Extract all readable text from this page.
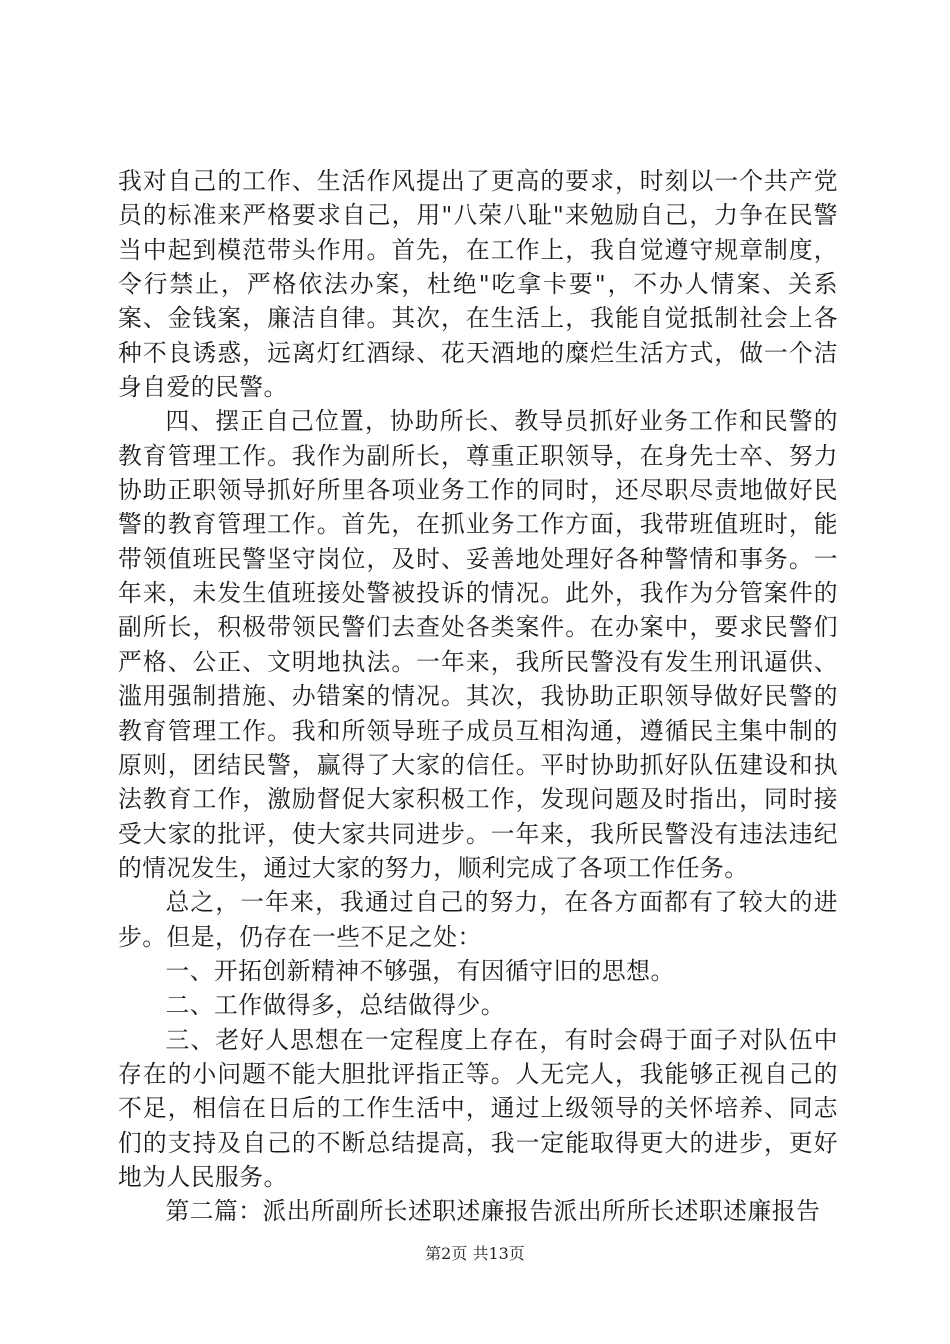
我对自己的工作、生活作风提出了更高的要求，时刻以一个共产党员的标准来严格要求自己，用"八荣八耻"来勉励自己，力争在民警当中起到模范带头作用。首先，在工作上，我自觉遵守规章制度，令行禁止，严格依法办案，杜绝"吃拿卡要"，不办人情案、关系案、金钱案，廉洁自律。其次，在生活上，我能自觉抵制社会上各种不良诱惑，远离灯红酒绿、花天酒地的糜烂生活方式，做一个洁身自爱的民警。

四、摆正自己位置，协助所长、教导员抓好业务工作和民警的教育管理工作。我作为副所长，尊重正职领导，在身先士卒、努力协助正职领导抓好所里各项业务工作的同时，还尽职尽责地做好民警的教育管理工作。首先，在抓业务工作方面，我带班值班时，能带领值班民警坚守岗位，及时、妥善地处理好各种警情和事务。一年来，未发生值班接处警被投诉的情况。此外，我作为分管案件的副所长，积极带领民警们去查处各类案件。在办案中，要求民警们严格、公正、文明地执法。一年来，我所民警没有发生刑讯逼供、滥用强制措施、办错案的情况。其次，我协助正职领导做好民警的教育管理工作。我和所领导班子成员互相沟通，遵循民主集中制的原则，团结民警，赢得了大家的信任。平时协助抓好队伍建设和执法教育工作，激励督促大家积极工作，发现问题及时指出，同时接受大家的批评，使大家共同进步。一年来，我所民警没有违法违纪的情况发生，通过大家的努力，顺利完成了各项工作任务。

总之，一年来，我通过自己的努力，在各方面都有了较大的进步。但是，仍存在一些不足之处：

一、开拓创新精神不够强，有因循守旧的思想。

二、工作做得多，总结做得少。

三、老好人思想在一定程度上存在，有时会碍于面子对队伍中存在的小问题不能大胆批评指正等。人无完人，我能够正视自己的不足，相信在日后的工作生活中，通过上级领导的关怀培养、同志们的支持及自己的不断总结提高，我一定能取得更大的进步，更好地为人民服务。

第二篇：派出所副所长述职述廉报告派出所所长述职述廉报告

第2页 共13页
